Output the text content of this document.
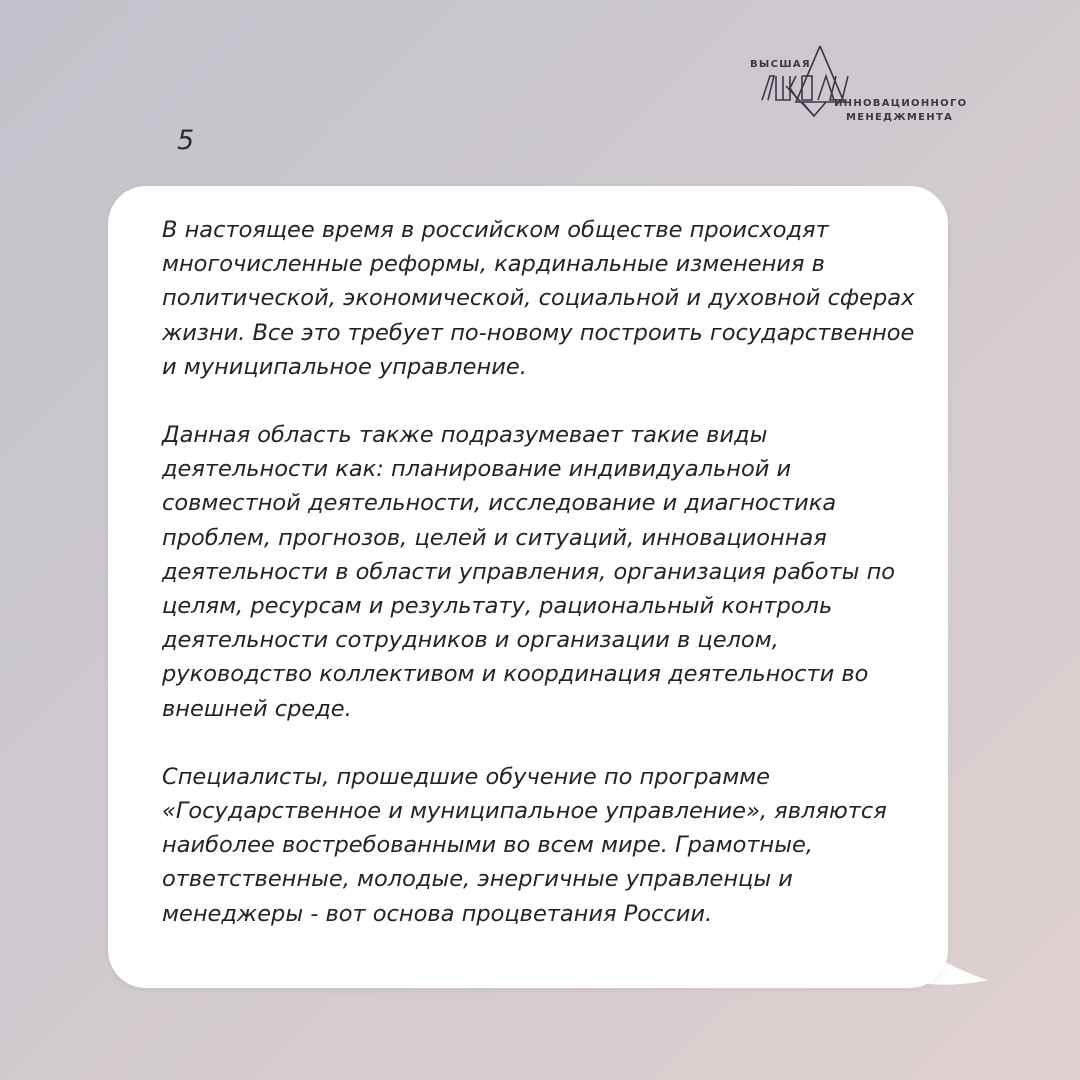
ВЫСШАЯ
ИННОВАЦИОННОГО
МЕНЕДЖМЕНТА
5

В настоящее время в российском обществе происходят многочисленные реформы, кардинальные изменения в политической, экономической, социальной и духовной сферах жизни. Все это требует по-новому построить государственное и муниципальное управление.

Данная область также подразумевает такие виды деятельности как: планирование индивидуальной и совместной деятельности, исследование и диагностика проблем, прогнозов, целей и ситуаций, инновационная деятельности в области управления, организация работы по целям, ресурсам и результату, рациональный контроль деятельности сотрудников и организации в целом, руководство коллективом и координация деятельности во внешней среде.

Специалисты, прошедшие обучение по программе «Государственное и муниципальное управление», являются наиболее востребованными во всем мире. Грамотные, ответственные, молодые, энергичные управленцы и менеджеры - вот основа процветания России.
